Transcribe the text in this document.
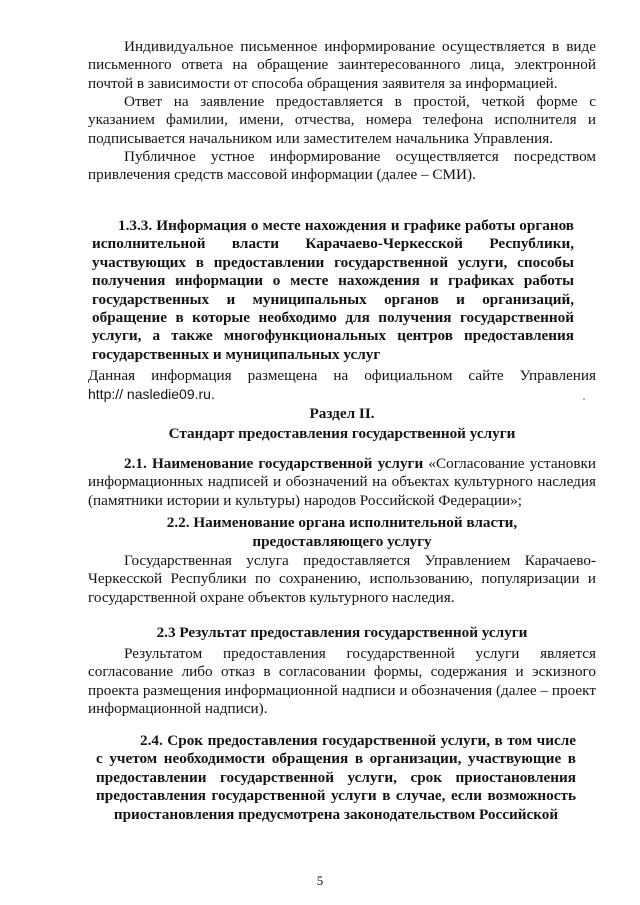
Индивидуальное письменное информирование осуществляется в виде письменного ответа на обращение заинтересованного лица, электронной почтой в зависимости от способа обращения заявителя за информацией.

Ответ на заявление предоставляется в простой, четкой форме с указанием фамилии, имени, отчества, номера телефона исполнителя и подписывается начальником или заместителем начальника Управления.

Публичное устное информирование осуществляется посредством привлечения средств массовой информации (далее – СМИ).

1.3.3. Информация о месте нахождения и графике работы органов исполнительной власти Карачаево-Черкесской Республики, участвующих в предоставлении государственной услуги, способы получения информации о месте нахождения и графиках работы государственных и муниципальных органов и организаций, обращение в которые необходимо для получения государственной услуги, а также многофункциональных центров предоставления государственных и муниципальных услуг

Данная информация размещена на официальном сайте Управления

http:// naslediе09.ru.

Раздел II.

Стандарт предоставления государственной услуги

2.1. Наименование государственной услуги «Согласование установки информационных надписей и обозначений на объектах культурного наследия (памятники истории и культуры) народов Российской Федерации»;

2.2. Наименование органа исполнительной власти,

предоставляющего услугу

Государственная услуга предоставляется Управлением Карачаево-Черкесской Республики по сохранению, использованию, популяризации и государственной охране объектов культурного наследия.

2.3 Результат предоставления государственной услуги

Результатом предоставления государственной услуги является согласование либо отказ в согласовании формы, содержания и эскизного проекта размещения информационной надписи и обозначения (далее – проект информационной надписи).

2.4. Срок предоставления государственной услуги, в том числе с учетом необходимости обращения в организации, участвующие в предоставлении государственной услуги, срок приостановления предоставления государственной услуги в случае, если возможность приостановления предусмотрена законодательством Российской

5
